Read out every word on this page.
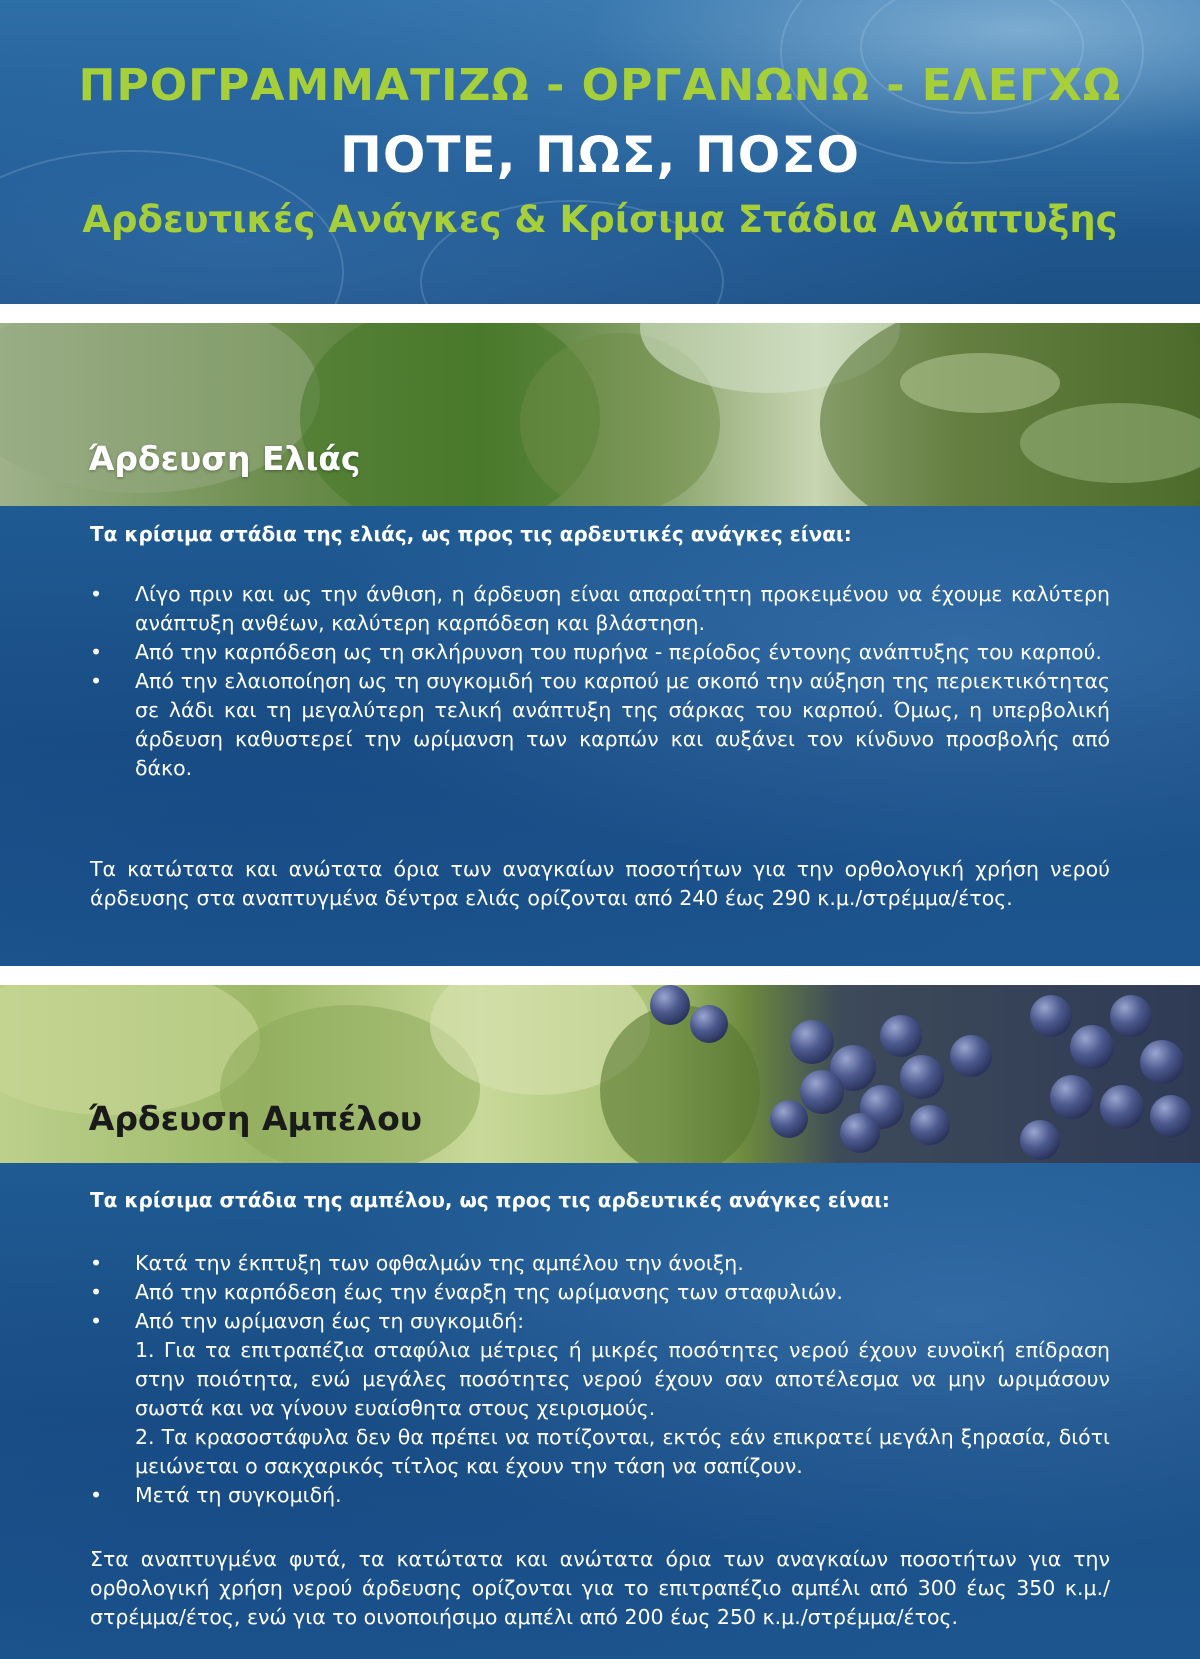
ΠΡΟΓΡΑΜΜΑΤΙΖΩ - ΟΡΓΑΝΩΝΩ - ΕΛΕΓΧΩ
ΠΟΤΕ, ΠΩΣ, ΠΟΣΟ
Αρδευτικές Ανάγκες & Κρίσιμα Στάδια Ανάπτυξης
Άρδευση Ελιάς
Τα κρίσιμα στάδια της ελιάς, ως προς τις αρδευτικές ανάγκες είναι:
• Λίγο πριν και ως την άνθιση, η άρδευση είναι απαραίτητη προκειμένου να έχουμε καλύτερη ανάπτυξη ανθέων, καλύτερη καρπόδεση και βλάστηση.
• Από την καρπόδεση ως τη σκλήρυνση του πυρήνα - περίοδος έντονης ανάπτυξης του καρπού.
• Από την ελαιοποίηση ως τη συγκομιδή του καρπού με σκοπό την αύξηση της περιεκτικότητας σε λάδι και τη μεγαλύτερη τελική ανάπτυξη της σάρκας του καρπού. Όμως, η υπερβολική άρδευση καθυστερεί την ωρίμανση των καρπών και αυξάνει τον κίνδυνο προσβολής από δάκο.
Τα κατώτατα και ανώτατα όρια των αναγκαίων ποσοτήτων για την ορθολογική χρήση νερού άρδευσης στα αναπτυγμένα δέντρα ελιάς ορίζονται από 240 έως 290 κ.μ./στρέμμα/έτος.
Άρδευση Αμπέλου
Τα κρίσιμα στάδια της αμπέλου, ως προς τις αρδευτικές ανάγκες είναι:
• Κατά την έκπτυξη των οφθαλμών της αμπέλου την άνοιξη.
• Από την καρπόδεση έως την έναρξη της ωρίμανσης των σταφυλιών.
• Από την ωρίμανση έως τη συγκομιδή:
1. Για τα επιτραπέζια σταφύλια μέτριες ή μικρές ποσότητες νερού έχουν ευνοϊκή επίδραση στην ποιότητα, ενώ μεγάλες ποσότητες νερού έχουν σαν αποτέλεσμα να μην ωριμάσουν σωστά και να γίνουν ευαίσθητα στους χειρισμούς.
2. Τα κρασοστάφυλα δεν θα πρέπει να ποτίζονται, εκτός εάν επικρατεί μεγάλη ξηρασία, διότι μειώνεται ο σακχαρικός τίτλος και έχουν την τάση να σαπίζουν.
• Μετά τη συγκομιδή.
Στα αναπτυγμένα φυτά, τα κατώτατα και ανώτατα όρια των αναγκαίων ποσοτήτων για την ορθολογική χρήση νερού άρδευσης ορίζονται για το επιτραπέζιο αμπέλι από 300 έως 350 κ.μ./ στρέμμα/έτος, ενώ για το οινοποιήσιμο αμπέλι από 200 έως 250 κ.μ./στρέμμα/έτος.
